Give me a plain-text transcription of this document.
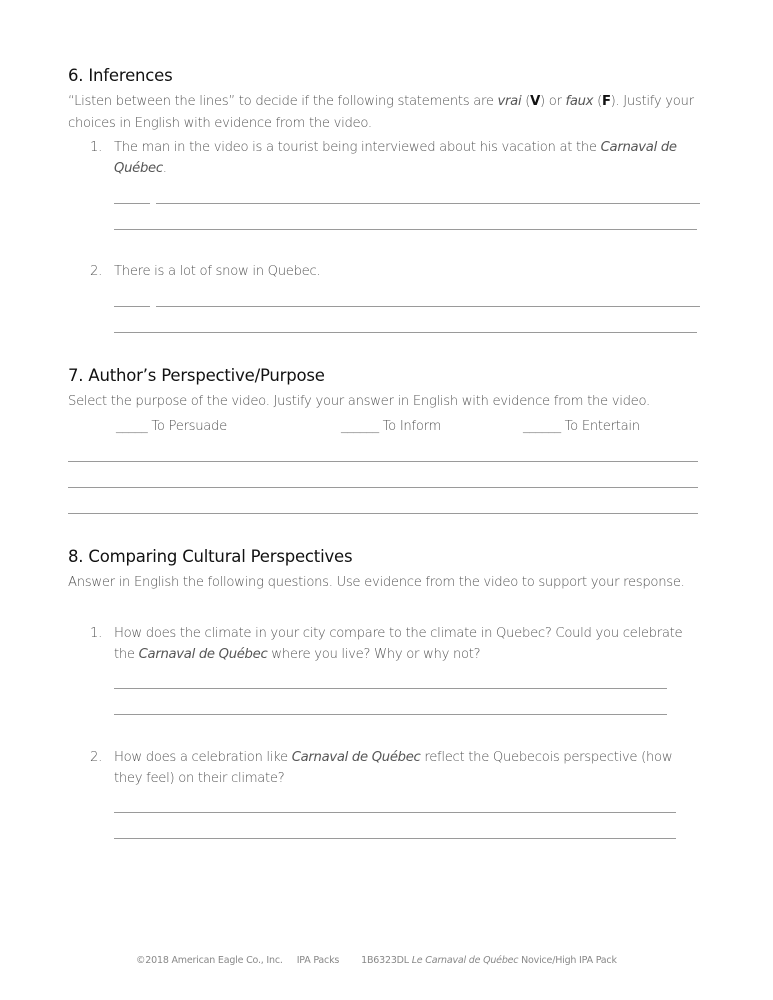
6. Inferences
“Listen between the lines” to decide if the following statements are vrai (V) or faux (F). Justify your
choices in English with evidence from the video.
1. The man in the video is a tourist being interviewed about his vacation at the Carnaval de
Québec.
2. There is a lot of snow in Quebec.
7. Author’s Perspective/Purpose
Select the purpose of the video. Justify your answer in English with evidence from the video.
_____ To Persuade	______ To Inform	______ To Entertain
8. Comparing Cultural Perspectives
Answer in English the following questions. Use evidence from the video to support your response.
1. How does the climate in your city compare to the climate in Quebec? Could you celebrate
the Carnaval de Québec where you live? Why or why not?
2. How does a celebration like Carnaval de Québec reflect the Quebecois perspective (how
they feel) on their climate?
©2018 American Eagle Co., Inc. IPA Packs 1B6323DL Le Carnaval de Québec Novice/High IPA Pack
